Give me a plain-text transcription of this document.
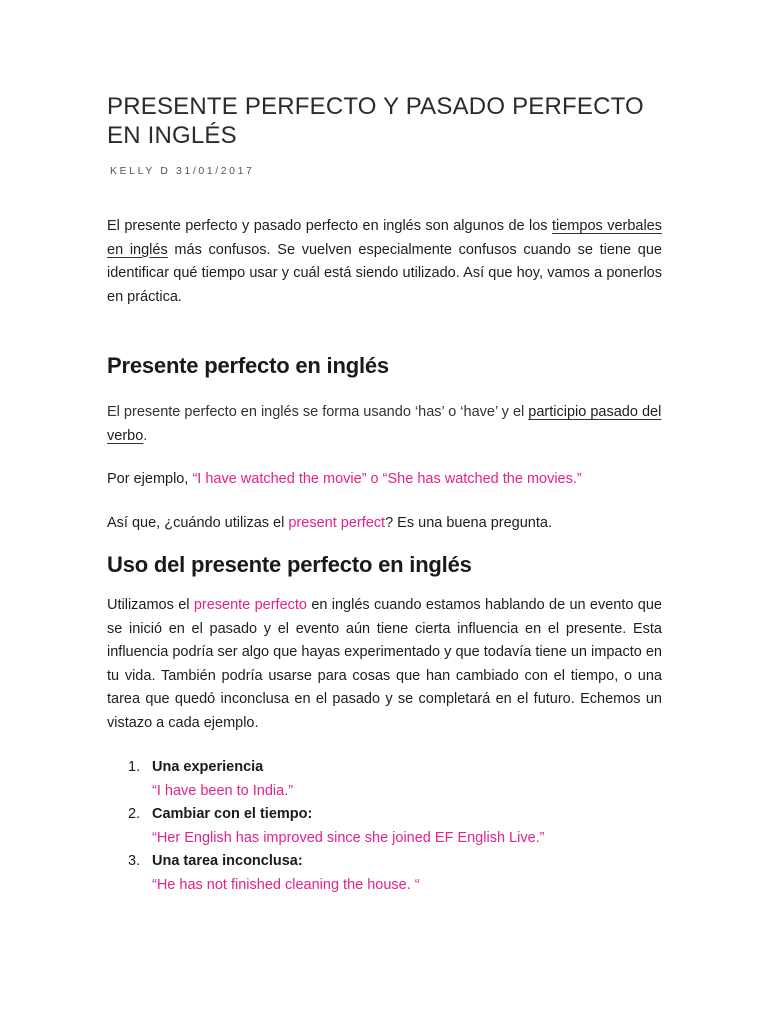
PRESENTE PERFECTO Y PASADO PERFECTO EN INGLÉS
KELLY D 31/01/2017

El presente perfecto y pasado perfecto en inglés son algunos de los tiempos verbales en inglés más confusos. Se vuelven especialmente confusos cuando se tiene que identificar qué tiempo usar y cuál está siendo utilizado. Así que hoy, vamos a ponerlos en práctica.

Presente perfecto en inglés

El presente perfecto en inglés se forma usando ‘has’ o ‘have’ y el participio pasado del verbo.

Por ejemplo, “I have watched the movie” o “She has watched the movies.”

Así que, ¿cuándo utilizas el present perfect? Es una buena pregunta.

Uso del presente perfecto en inglés

Utilizamos el presente perfecto en inglés cuando estamos hablando de un evento que se inició en el pasado y el evento aún tiene cierta influencia en el presente. Esta influencia podría ser algo que hayas experimentado y que todavía tiene un impacto en tu vida. También podría usarse para cosas que han cambiado con el tiempo, o una tarea que quedó inconclusa en el pasado y se completará en el futuro. Echemos un vistazo a cada ejemplo.

1. Una experiencia
“I have been to India.”
2. Cambiar con el tiempo:
“Her English has improved since she joined EF English Live.”
3. Una tarea inconclusa:
“He has not finished cleaning the house. “
